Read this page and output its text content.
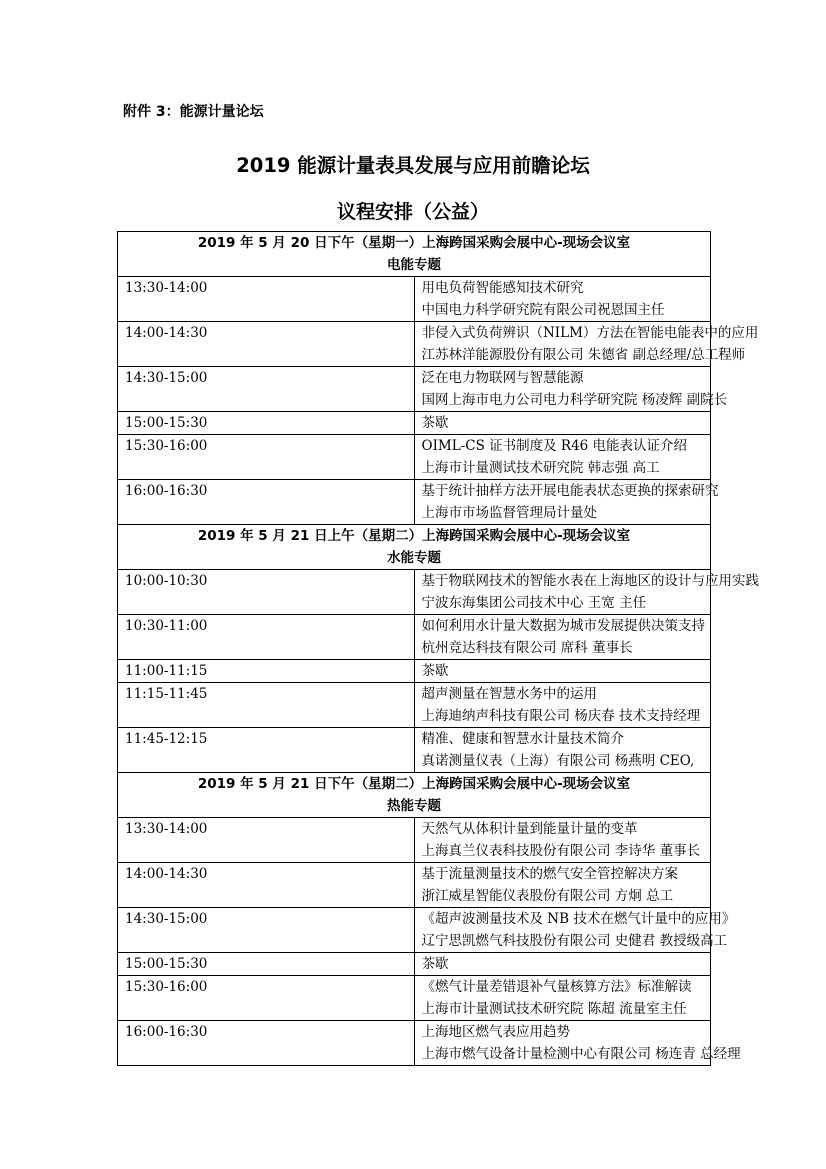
附件 3：能源计量论坛
2019 能源计量表具发展与应用前瞻论坛
议程安排（公益）
2019 年 5 月 20 日下午（星期一）上海跨国采购会展中心-现场会议室
电能专题	

13:30-14:00	用电负荷智能感知技术研究
中国电力科学研究院有限公司祝恩国主任

14:00-14:30	非侵入式负荷辨识（NILM）方法在智能电能表中的应用
江苏林洋能源股份有限公司 朱德省 副总经理/总工程师

14:30-15:00	泛在电力物联网与智慧能源
国网上海市电力公司电力科学研究院 杨凌辉 副院长

15:00-15:30	茶歇

15:30-16:00	OIML-CS 证书制度及 R46 电能表认证介绍
上海市计量测试技术研究院 韩志强 高工

16:00-16:30	基于统计抽样方法开展电能表状态更换的探索研究
上海市市场监督管理局计量处

2019 年 5 月 21 日上午（星期二）上海跨国采购会展中心-现场会议室
水能专题	

10:00-10:30	基于物联网技术的智能水表在上海地区的设计与应用实践
宁波东海集团公司技术中心 王宽 主任

10:30-11:00	如何利用水计量大数据为城市发展提供决策支持
杭州竞达科技有限公司 席科 董事长

11:00-11:15	茶歇

11:15-11:45	超声测量在智慧水务中的运用
上海迪纳声科技有限公司 杨庆春 技术支持经理

11:45-12:15	精准、健康和智慧水计量技术简介
真诺测量仪表（上海）有限公司 杨燕明 CEO,

2019 年 5 月 21 日下午（星期二）上海跨国采购会展中心-现场会议室
热能专题	

13:30-14:00	天然气从体积计量到能量计量的变革
上海真兰仪表科技股份有限公司 李诗华 董事长

14:00-14:30	基于流量测量技术的燃气安全管控解决方案
浙江威星智能仪表股份有限公司 方炯 总工

14:30-15:00	《超声波测量技术及 NB 技术在燃气计量中的应用》
辽宁思凯燃气科技股份有限公司 史健君 教授级高工

15:00-15:30	茶歇

15:30-16:00	《燃气计量差错退补气量核算方法》标准解读
上海市计量测试技术研究院 陈超 流量室主任

16:00-16:30	上海地区燃气表应用趋势
上海市燃气设备计量检测中心有限公司 杨连青 总经理
